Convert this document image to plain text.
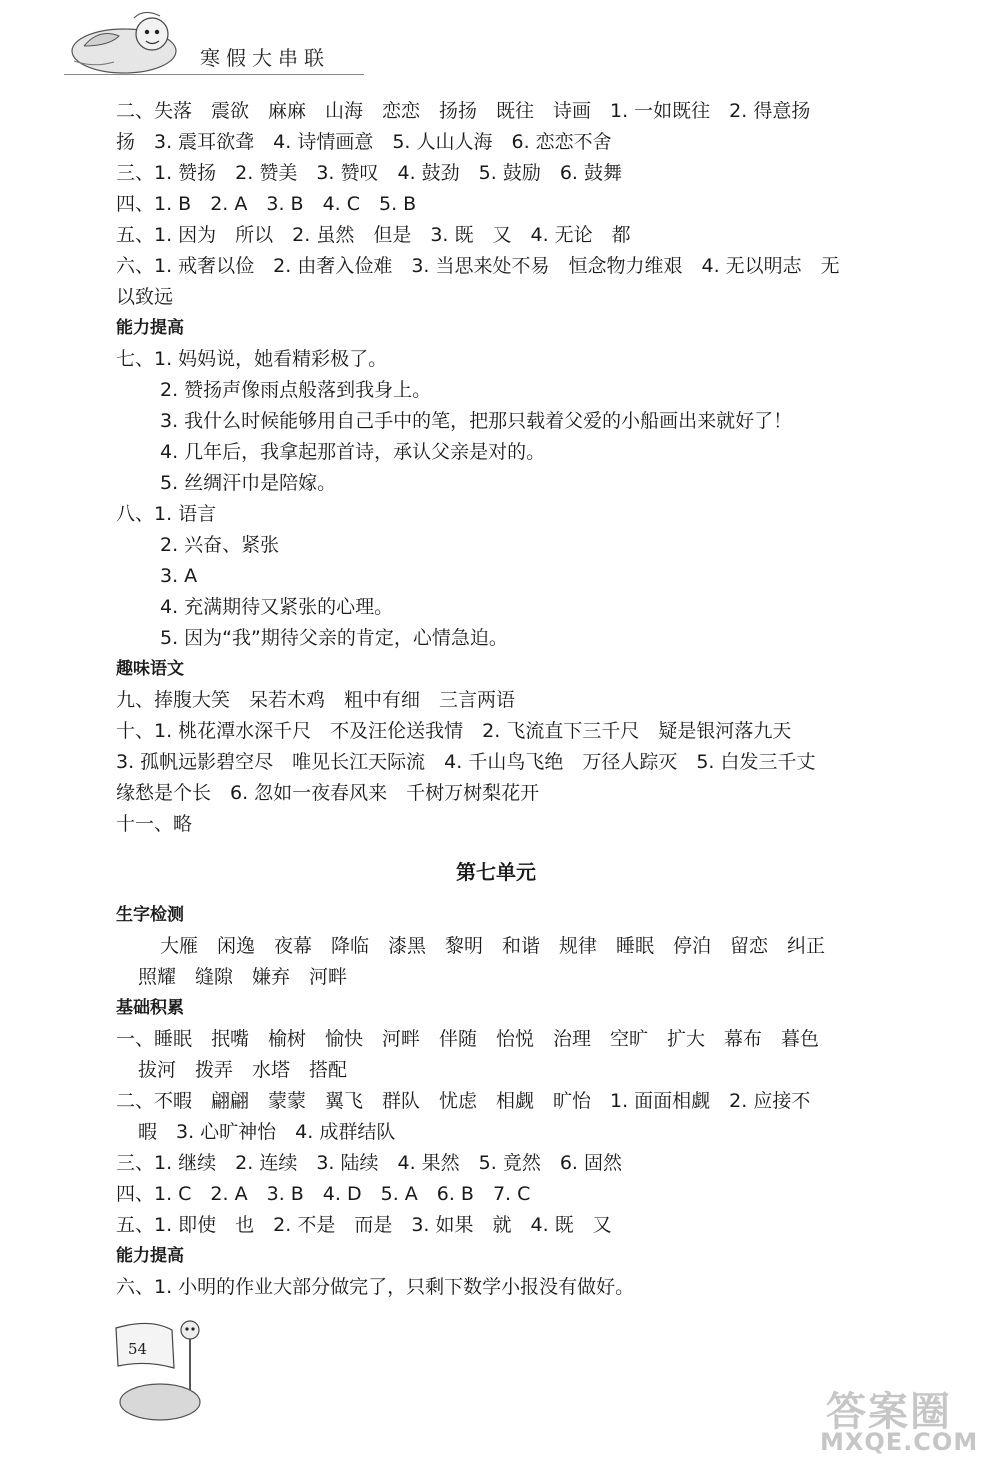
寒假大串联
二、失落　震欲　麻麻　山海　恋恋　扬扬　既往　诗画　1. 一如既往　2. 得意扬
扬　3. 震耳欲聋　4. 诗情画意　5. 人山人海　6. 恋恋不舍
三、1. 赞扬　2. 赞美　3. 赞叹　4. 鼓劲　5. 鼓励　6. 鼓舞
四、1. B　2. A　3. B　4. C　5. B
五、1. 因为　所以　2. 虽然　但是　3. 既　又　4. 无论　都
六、1. 戒奢以俭　2. 由奢入俭难　3. 当思来处不易　恒念物力维艰　4. 无以明志　无
以致远
能力提高
七、1. 妈妈说，她看精彩极了。
2. 赞扬声像雨点般落到我身上。
3. 我什么时候能够用自己手中的笔，把那只载着父爱的小船画出来就好了！
4. 几年后，我拿起那首诗，承认父亲是对的。
5. 丝绸汗巾是陪嫁。
八、1. 语言
2. 兴奋、紧张
3. A
4. 充满期待又紧张的心理。
5. 因为“我”期待父亲的肯定，心情急迫。
趣味语文
九、捧腹大笑　呆若木鸡　粗中有细　三言两语
十、1. 桃花潭水深千尺　不及汪伦送我情　2. 飞流直下三千尺　疑是银河落九天
3. 孤帆远影碧空尽　唯见长江天际流　4. 千山鸟飞绝　万径人踪灭　5. 白发三千丈
缘愁是个长　6. 忽如一夜春风来　千树万树梨花开
十一、略
第七单元
生字检测
大雁　闲逸　夜幕　降临　漆黑　黎明　和谐　规律　睡眠　停泊　留恋　纠正
照耀　缝隙　嫌弃　河畔
基础积累
一、睡眠　抿嘴　榆树　愉快　河畔　伴随　怡悦　治理　空旷　扩大　幕布　暮色
拔河　拨弄　水塔　搭配
二、不暇　翩翩　蒙蒙　翼飞　群队　忧虑　相觑　旷怡　1. 面面相觑　2. 应接不
暇　3. 心旷神怡　4. 成群结队
三、1. 继续　2. 连续　3. 陆续　4. 果然　5. 竟然　6. 固然
四、1. C　2. A　3. B　4. D　5. A　6. B　7. C
五、1. 即使　也　2. 不是　而是　3. 如果　就　4. 既　又
能力提高
六、1. 小明的作业大部分做完了，只剩下数学小报没有做好。
54
答案圈
MXQE.COM
